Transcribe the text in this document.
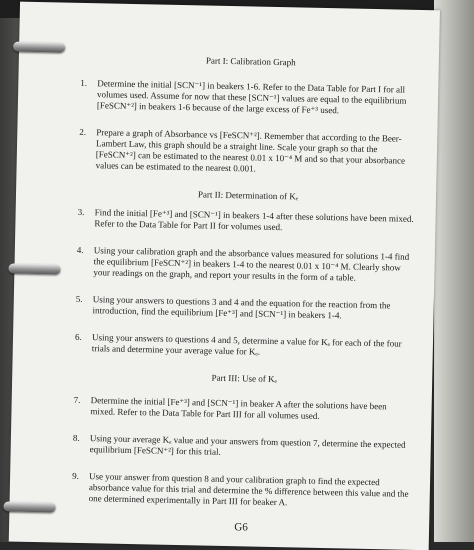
Part I: Calibration Graph

1. Determine the initial [SCN⁻¹] in beakers 1-6. Refer to the Data Table for Part I for all volumes used. Assume for now that these [SCN⁻¹] values are equal to the equilibrium [FeSCN⁺²] in beakers 1-6 because of the large excess of Fe⁺³ used.
2. Prepare a graph of Absorbance vs [FeSCN⁺²]. Remember that according to the Beer-Lambert Law, this graph should be a straight line. Scale your graph so that the [FeSCN⁺²] can be estimated to the nearest 0.01 x 10⁻⁴ M and so that your absorbance values can be estimated to the nearest 0.001.

Part II: Determination of Kₑ

3. Find the initial [Fe⁺³] and [SCN⁻¹] in beakers 1-4 after these solutions have been mixed. Refer to the Data Table for Part II for volumes used.
4. Using your calibration graph and the absorbance values measured for solutions 1-4 find the equilibrium [FeSCN⁺²] in beakers 1-4 to the nearest 0.01 x 10⁻⁴ M. Clearly show your readings on the graph, and report your results in the form of a table.
5. Using your answers to questions 3 and 4 and the equation for the reaction from the introduction, find the equilibrium [Fe⁺³] and [SCN⁻¹] in beakers 1-4.
6. Using your answers to questions 4 and 5, determine a value for Kₑ for each of the four trials and determine your average value for Kₑ.

Part III: Use of Kₑ

7. Determine the initial [Fe⁺³] and [SCN⁻¹] in beaker A after the solutions have been mixed. Refer to the Data Table for Part III for all volumes used.
8. Using your average Kₑ value and your answers from question 7, determine the expected equilibrium [FeSCN⁺²] for this trial.
9. Use your answer from question 8 and your calibration graph to find the expected absorbance value for this trial and determine the % difference between this value and the one determined experimentally in Part III for beaker A.
G6
